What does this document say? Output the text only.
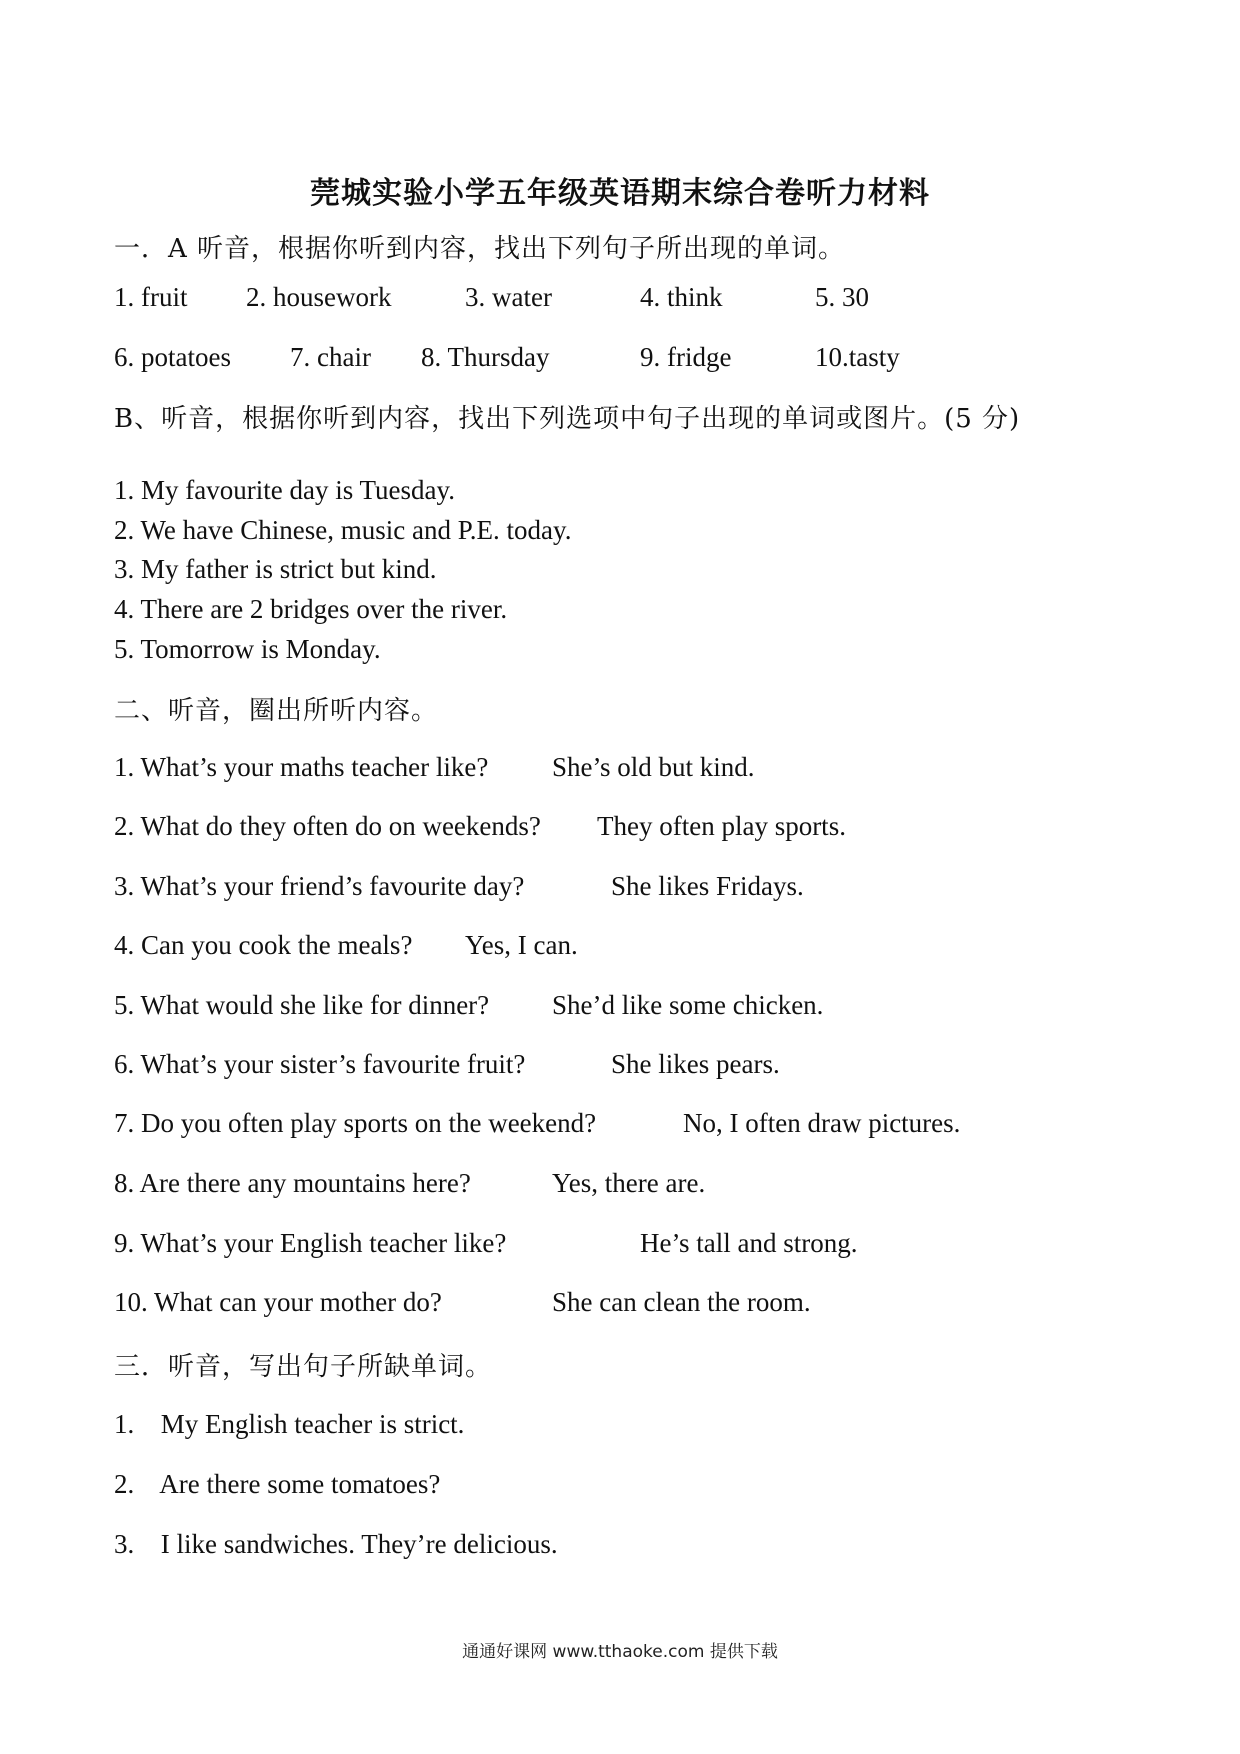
莞城实验小学五年级英语期末综合卷听力材料
一．A 听音，根据你听到内容，找出下列句子所出现的单词。
1. fruit 2. housework	3. water	4. think	5. 30
6. potatoes 7. chair 8. Thursday	9. fridge	10.tasty
B、听音，根据你听到内容，找出下列选项中句子出现的单词或图片。(5 分)
1. My favourite day is Tuesday.
2. We have Chinese, music and P.E. today.
3. My father is strict but kind.
4. There are 2 bridges over the river.
5. Tomorrow is Monday.
二、听音，圈出所听内容。
1. What’s your maths teacher like? She’s old but kind.
2. What do they often do on weekends? They often play sports.
3. What’s your friend’s favourite day?	She likes Fridays.
4. Can you cook the meals? Yes, I can.
5. What would she like for dinner? She’d like some chicken.
6. What’s your sister’s favourite fruit?	She likes pears.
7. Do you often play sports on the weekend?	No, I often draw pictures.
8. Are there any mountains here?	Yes, there are.
9. What’s your English teacher like?	He’s tall and strong.
10. What can your mother do?	She can clean the room.
三．听音，写出句子所缺单词。
1. My English teacher is strict.
2. Are there some tomatoes?
3. I like sandwiches. They’re delicious.
通通好课网 www.tthaoke.com 提供下载
